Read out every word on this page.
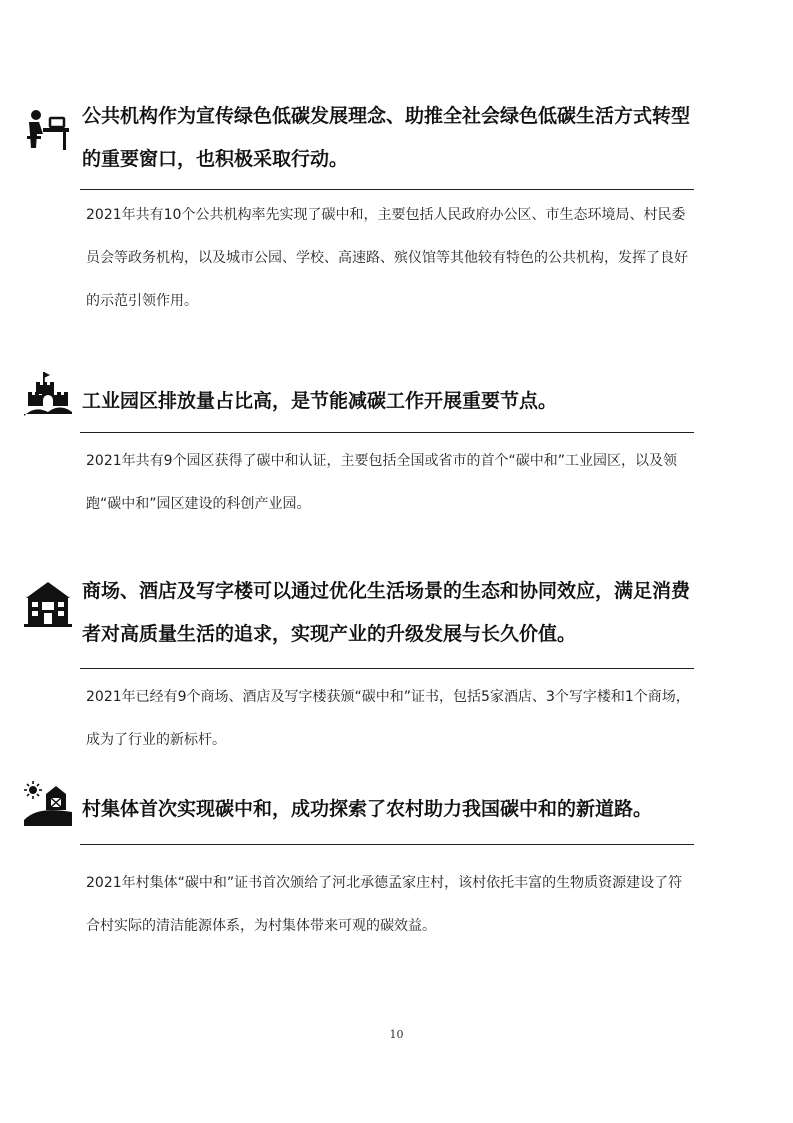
公共机构作为宣传绿色低碳发展理念、助推全社会绿色低碳生活方式转型的重要窗口，也积极采取行动。

2021年共有10个公共机构率先实现了碳中和，主要包括人民政府办公区、市生态环境局、村民委员会等政务机构，以及城市公园、学校、高速路、殡仪馆等其他较有特色的公共机构，发挥了良好的示范引领作用。

工业园区排放量占比高，是节能减碳工作开展重要节点。

2021年共有9个园区获得了碳中和认证，主要包括全国或省市的首个“碳中和”工业园区，以及领跑“碳中和”园区建设的科创产业园。

商场、酒店及写字楼可以通过优化生活场景的生态和协同效应，满足消费者对高质量生活的追求，实现产业的升级发展与长久价值。

2021年已经有9个商场、酒店及写字楼获颁“碳中和”证书，包括5家酒店、3个写字楼和1个商场，成为了行业的新标杆。

村集体首次实现碳中和，成功探索了农村助力我国碳中和的新道路。

2021年村集体“碳中和”证书首次颁给了河北承德孟家庄村，该村依托丰富的生物质资源建设了符合村实际的清洁能源体系，为村集体带来可观的碳效益。

10
